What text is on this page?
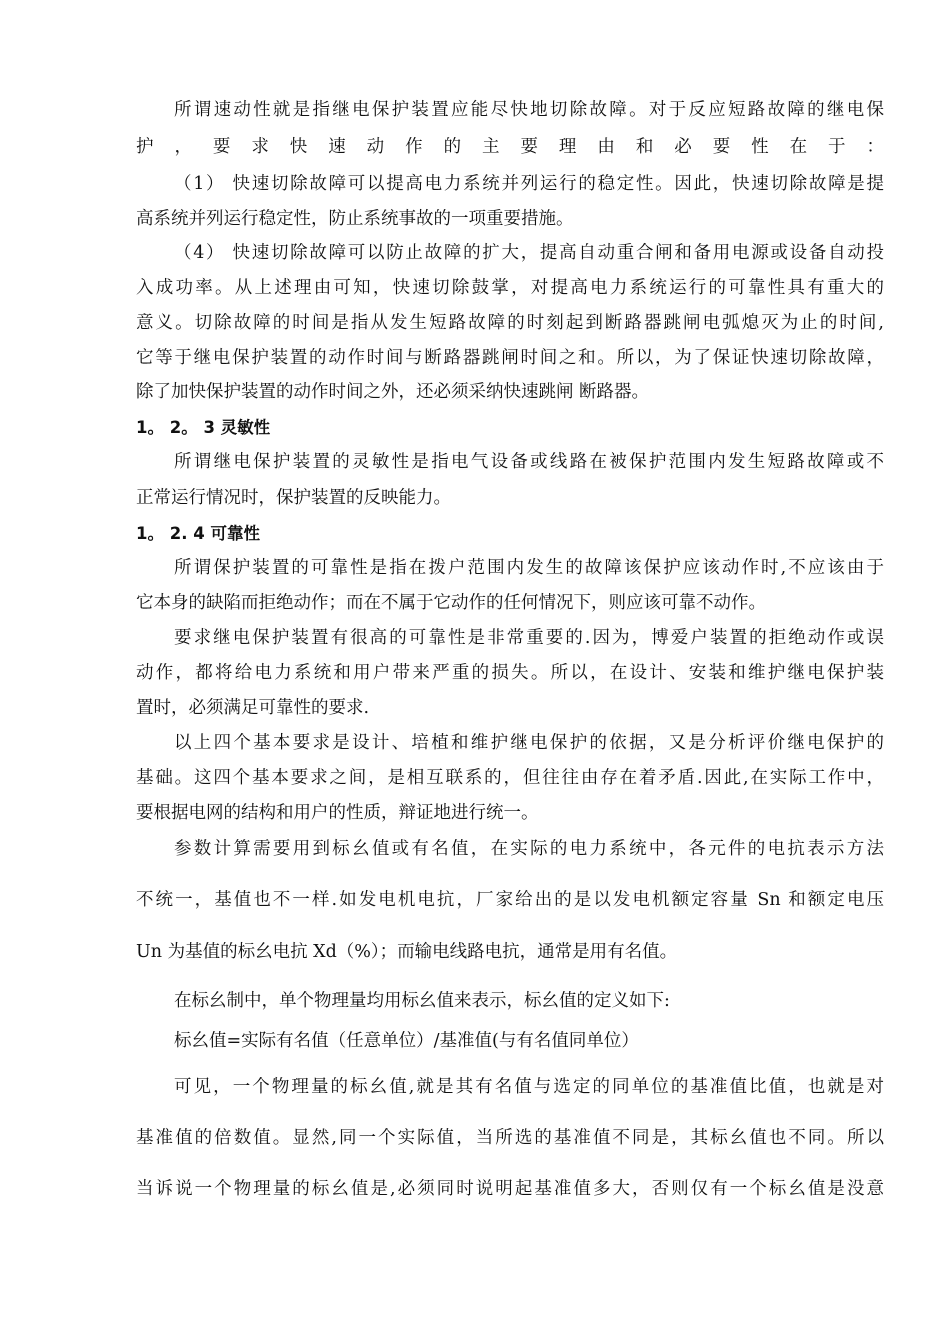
所谓速动性就是指继电保护装置应能尽快地切除故障。对于反应短路故障的继电保
护，要求快速动作的主要理由和必要性在于：
（1） 快速切除故障可以提高电力系统并列运行的稳定性。因此，快速切除故障是提
高系统并列运行稳定性，防止系统事故的一项重要措施。
（4） 快速切除故障可以防止故障的扩大，提高自动重合闸和备用电源或设备自动投
入成功率。从上述理由可知，快速切除鼓掌，对提高电力系统运行的可靠性具有重大的
意义。切除故障的时间是指从发生短路故障的时刻起到断路器跳闸电弧熄灭为止的时间,
它等于继电保护装置的动作时间与断路器跳闸时间之和。所以，为了保证快速切除故障，
除了加快保护装置的动作时间之外，还必须采纳快速跳闸 断路器。
1。 2。 3 灵敏性
所谓继电保护装置的灵敏性是指电气设备或线路在被保护范围内发生短路故障或不
正常运行情况时，保护装置的反映能力。
1。 2. 4 可靠性
所谓保护装置的可靠性是指在拨户范围内发生的故障该保护应该动作时,不应该由于
它本身的缺陷而拒绝动作；而在不属于它动作的任何情况下，则应该可靠不动作。
要求继电保护装置有很高的可靠性是非常重要的.因为，博爱户装置的拒绝动作或误
动作，都将给电力系统和用户带来严重的损失。所以，在设计、安装和维护继电保护装
置时，必须满足可靠性的要求.
以上四个基本要求是设计、培植和维护继电保护的依据，又是分析评价继电保护的
基础。这四个基本要求之间，是相互联系的，但往往由存在着矛盾.因此,在实际工作中，
要根据电网的结构和用户的性质，辩证地进行统一。
参数计算需要用到标幺值或有名值，在实际的电力系统中，各元件的电抗表示方法
不统一，基值也不一样.如发电机电抗，厂家给出的是以发电机额定容量 Sn 和额定电压
Un 为基值的标幺电抗 Xd（%）；而输电线路电抗，通常是用有名值。
在标幺制中，单个物理量均用标幺值来表示，标幺值的定义如下:
标幺值=实际有名值（任意单位）/基准值(与有名值同单位）
可见，一个物理量的标幺值,就是其有名值与选定的同单位的基准值比值，也就是对
基准值的倍数值。显然,同一个实际值，当所选的基准值不同是，其标幺值也不同。所以
当诉说一个物理量的标幺值是,必须同时说明起基准值多大，否则仅有一个标幺值是没意
